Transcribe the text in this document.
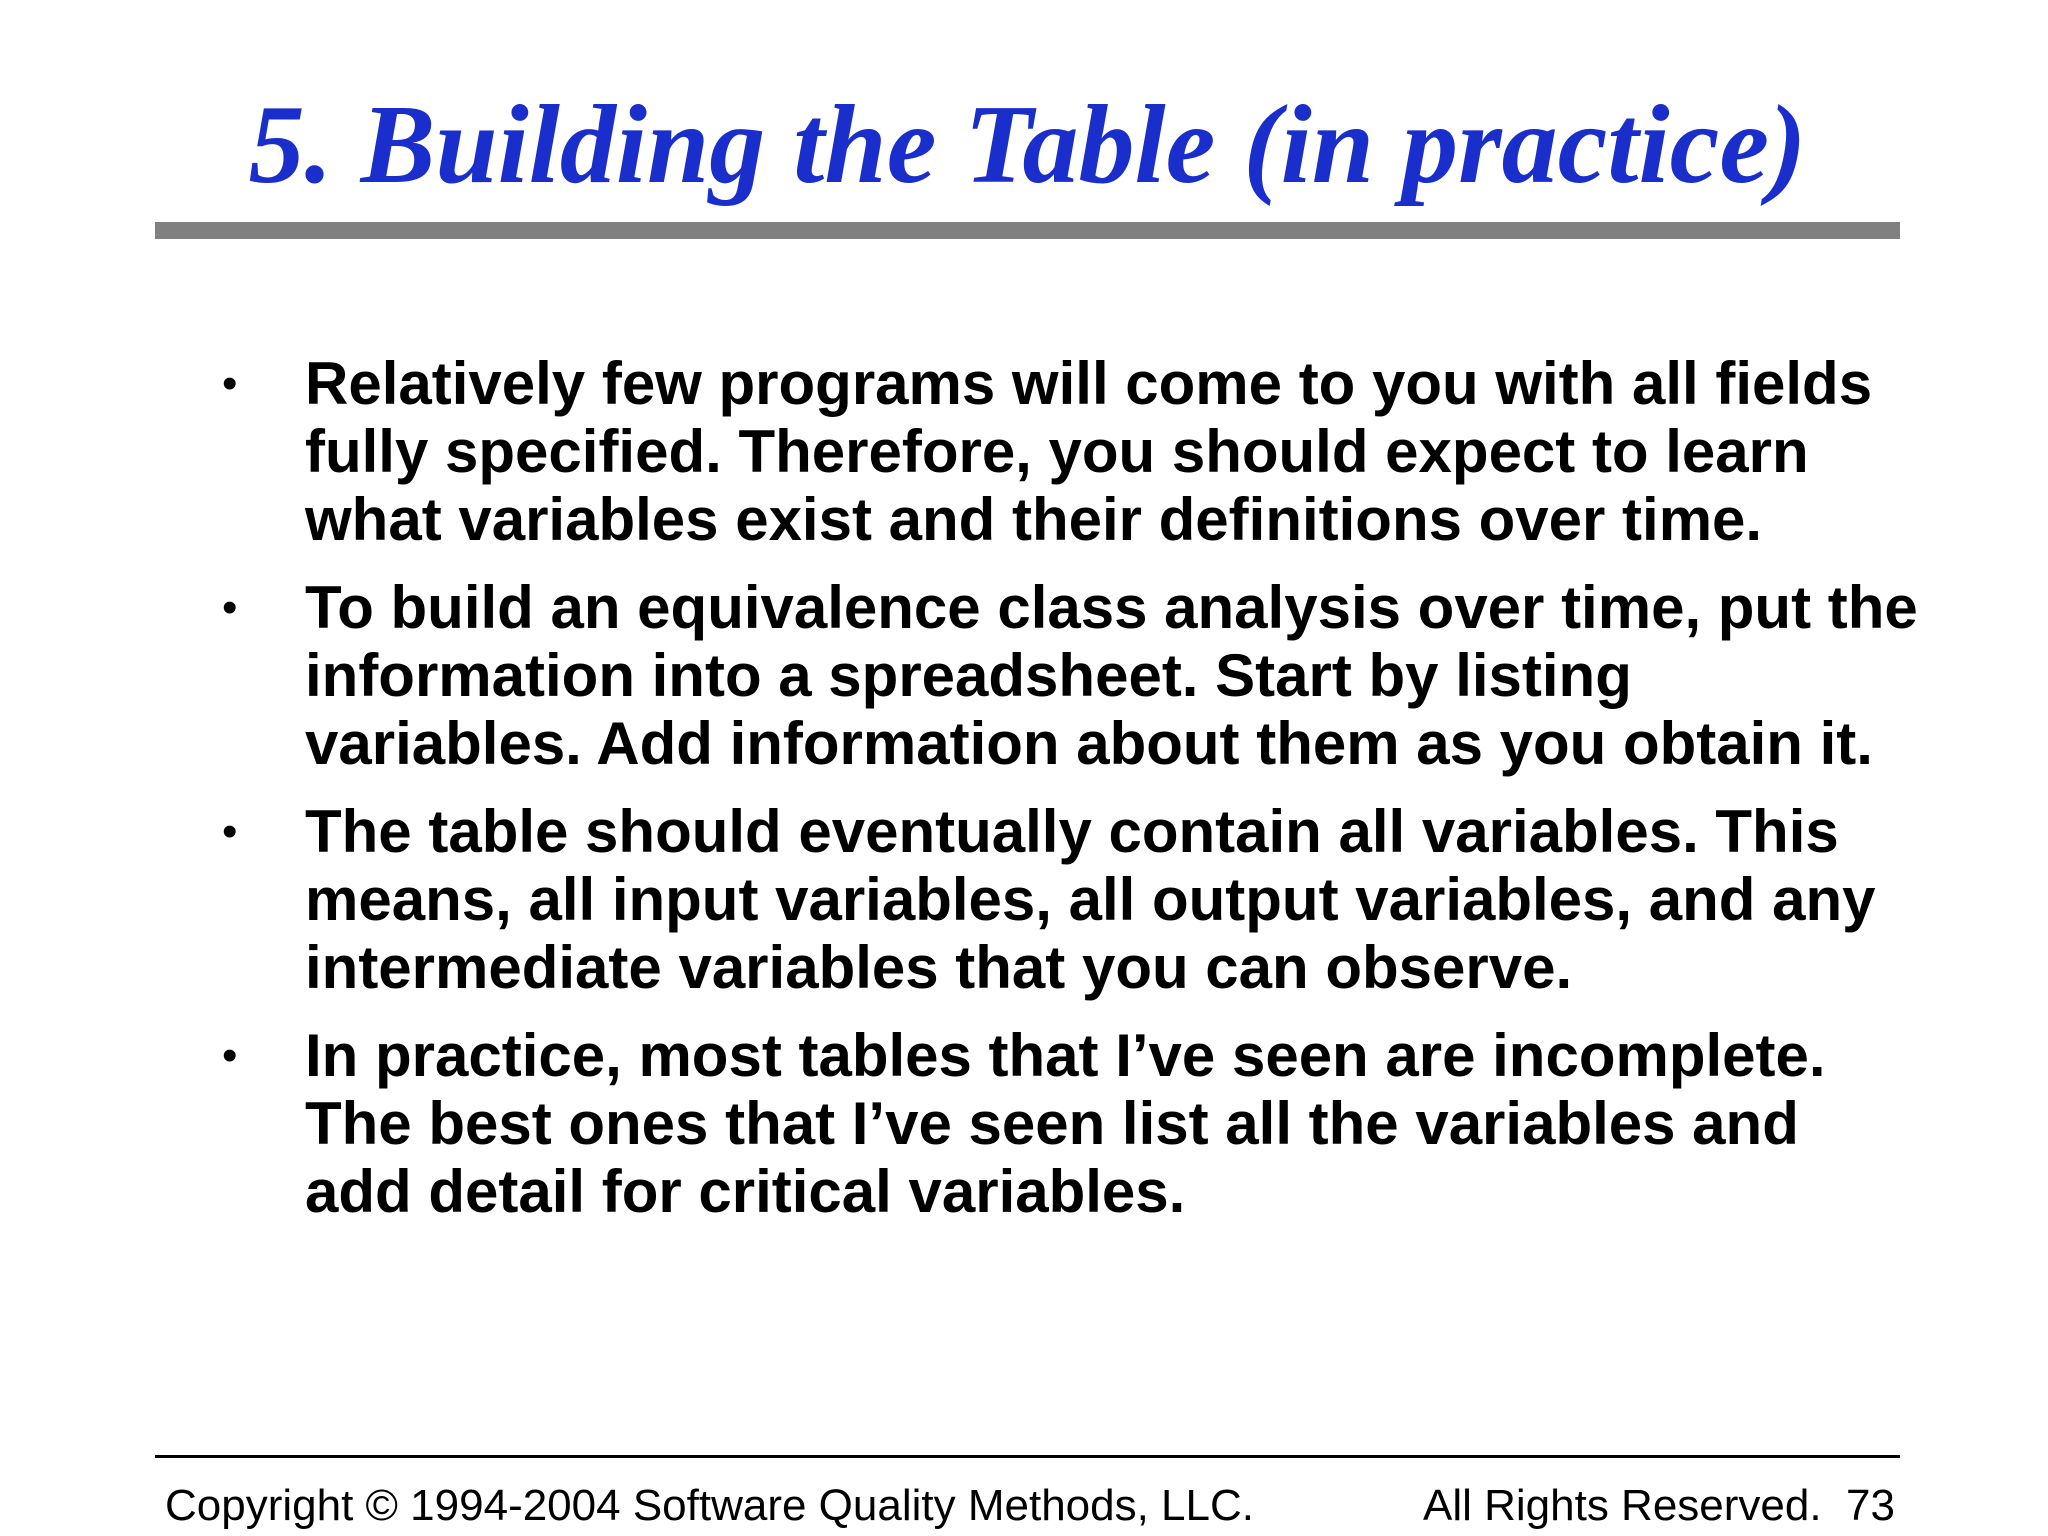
5. Building the Table (in practice)
•	Relatively few programs will come to you with all fields fully specified. Therefore, you should expect to learn what variables exist and their definitions over time.
•	To build an equivalence class analysis over time, put the information into a spreadsheet. Start by listing variables. Add information about them as you obtain it.
•	The table should eventually contain all variables. This means, all input variables, all output variables, and any intermediate variables that you can observe.
•	In practice, most tables that I’ve seen are incomplete. The best ones that I’ve seen list all the variables and add detail for critical variables.
Copyright © 1994-2004 Software Quality Methods, LLC.	All Rights Reserved. 73
